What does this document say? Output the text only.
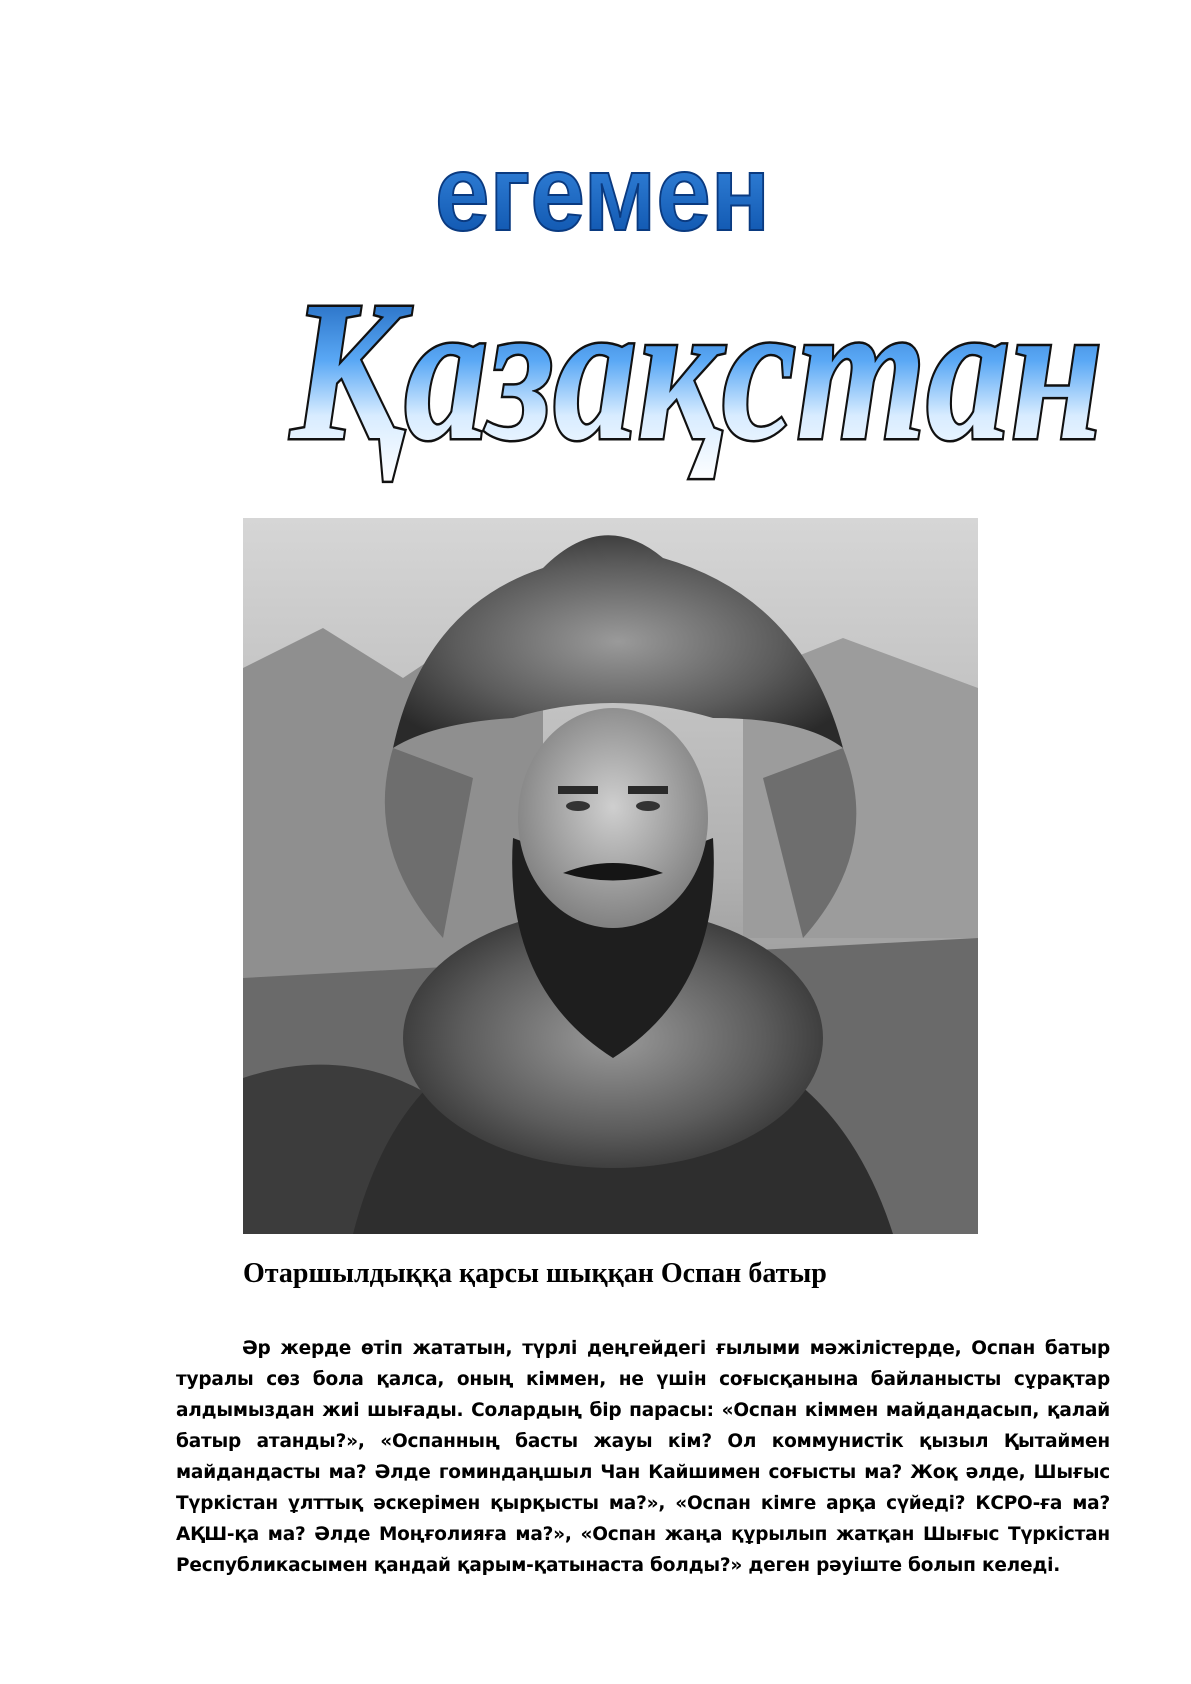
егемен
Қазақстан
Отаршылдыққа қарсы шыққан Оспан батыр
Әр жерде өтіп жататын, түрлі деңгейдегі ғылыми мәжілістерде, Оспан батыр туралы сөз бола қалса, оның кіммен, не үшін соғысқанына байланысты сұрақтар алдымыздан жиі шығады. Солардың бір парасы: «Оспан кіммен майдандасып, қалай батыр атанды?», «Оспанның басты жауы кім? Ол коммунистік қызыл Қытаймен майдандасты ма? Әлде гоминдаңшыл Чан Кайшимен соғысты ма? Жоқ әлде, Шығыс Түркістан ұлттық әскерімен қырқысты ма?», «Оспан кімге арқа сүйеді? КСРО-ға ма? АҚШ-қа ма? Әлде Моңғолияға ма?», «Оспан жаңа құрылып жатқан Шығыс Түркістан Республикасымен қандай қарым-қатынаста болды?» деген рәуіште болып келеді.
